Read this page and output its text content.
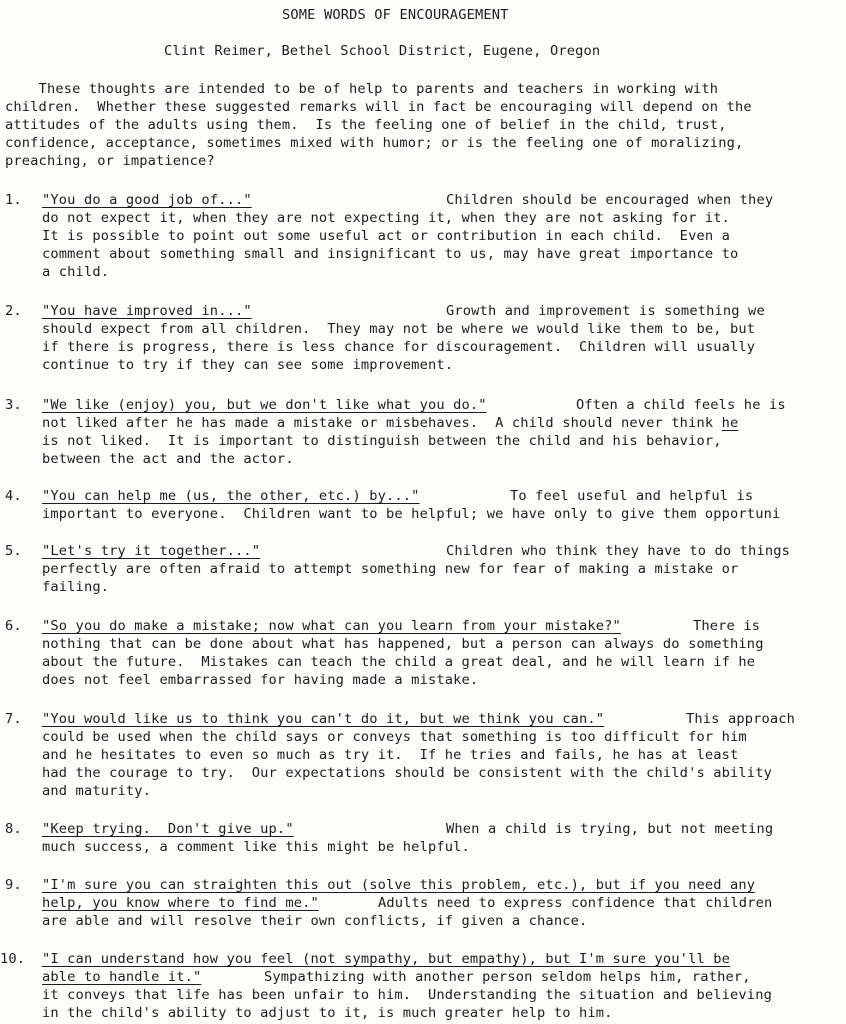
SOME WORDS OF ENCOURAGEMENT
Clint Reimer, Bethel School District, Eugene, Oregon
These thoughts are intended to be of help to parents and teachers in working with
children.  Whether these suggested remarks will in fact be encouraging will depend on the
attitudes of the adults using them.  Is the feeling one of belief in the child, trust,
confidence, acceptance, sometimes mixed with humor; or is the feeling one of moralizing,
preaching, or impatience?
1. "You do a good job of..."	Children should be encouraged when they
do not expect it, when they are not expecting it, when they are not asking for it.
It is possible to point out some useful act or contribution in each child.  Even a
comment about something small and insignificant to us, may have great importance to
a child.
2. "You have improved in..."	Growth and improvement is something we
should expect from all children.  They may not be where we would like them to be, but
if there is progress, there is less chance for discouragement.  Children will usually
continue to try if they can see some improvement.
3. "We like (enjoy) you, but we don't like what you do."	Often a child feels he is
not liked after he has made a mistake or misbehaves.  A child should never think he
is not liked.  It is important to distinguish between the child and his behavior,
between the act and the actor.
4. "You can help me (us, the other, etc.) by..."	To feel useful and helpful is
important to everyone.  Children want to be helpful; we have only to give them opportuni
5. "Let's try it together..."	Children who think they have to do things
perfectly are often afraid to attempt something new for fear of making a mistake or
failing.
6. "So you do make a mistake; now what can you learn from your mistake?"	There is
nothing that can be done about what has happened, but a person can always do something
about the future.  Mistakes can teach the child a great deal, and he will learn if he
does not feel embarrassed for having made a mistake.
7. "You would like us to think you can't do it, but we think you can."	This approach
could be used when the child says or conveys that something is too difficult for him
and he hesitates to even so much as try it.  If he tries and fails, he has at least
had the courage to try.  Our expectations should be consistent with the child's ability
and maturity.
8. "Keep trying.  Don't give up."	When a child is trying, but not meeting
much success, a comment like this might be helpful.
9. "I'm sure you can straighten this out (solve this problem, etc.), but if you need any
help, you know where to find me."	Adults need to express confidence that children
are able and will resolve their own conflicts, if given a chance.
10. "I can understand how you feel (not sympathy, but empathy), but I'm sure you'll be
able to handle it."	Sympathizing with another person seldom helps him, rather,
it conveys that life has been unfair to him.  Understanding the situation and believing
in the child's ability to adjust to it, is much greater help to him.
